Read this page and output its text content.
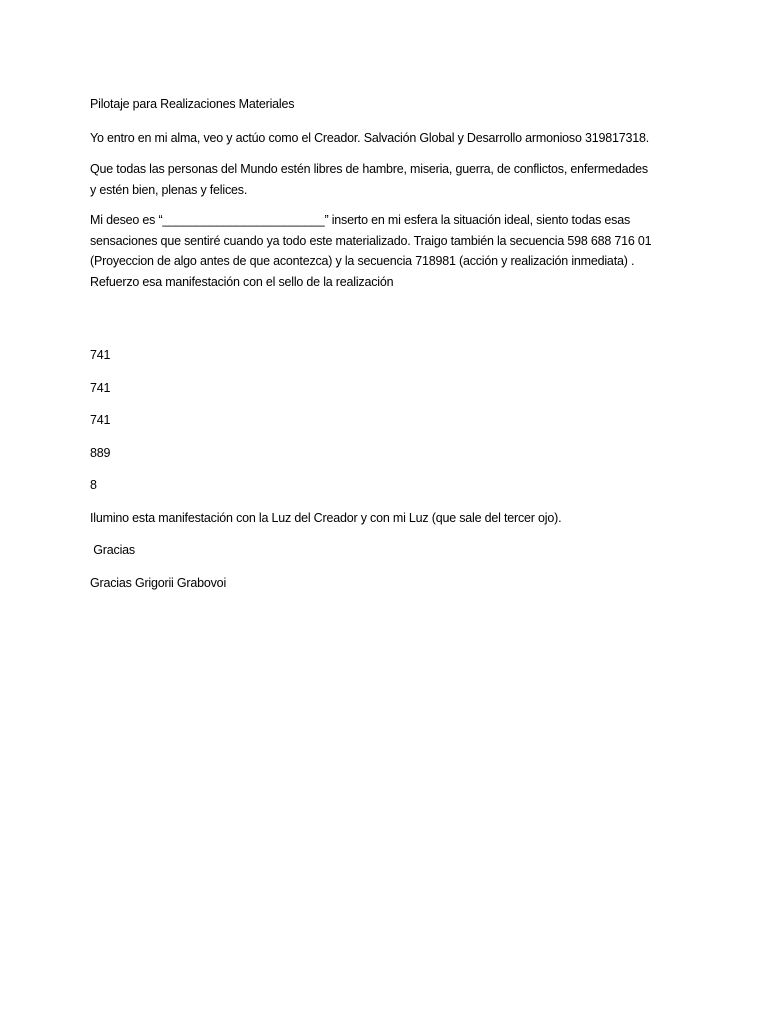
Pilotaje para Realizaciones Materiales

Yo entro en mi alma, veo y actúo como el Creador. Salvación Global y Desarrollo armonioso 319817318.

Que todas las personas del Mundo estén libres de hambre, miseria, guerra, de conflictos, enfermedades

y estén bien, plenas y felices.

Mi deseo es “________________________” inserto en mi esfera la situación ideal, siento todas esas

sensaciones que sentiré cuando ya todo este materializado. Traigo también la secuencia 598 688 716 01

(Proyeccion de algo antes de que acontezca) y la secuencia 718981 (acción y realización inmediata) .

Refuerzo esa manifestación con el sello de la realización

741

741

741

889

8

Ilumino esta manifestación con la Luz del Creador y con mi Luz (que sale del tercer ojo).

Gracias

Gracias Grigorii Grabovoi
